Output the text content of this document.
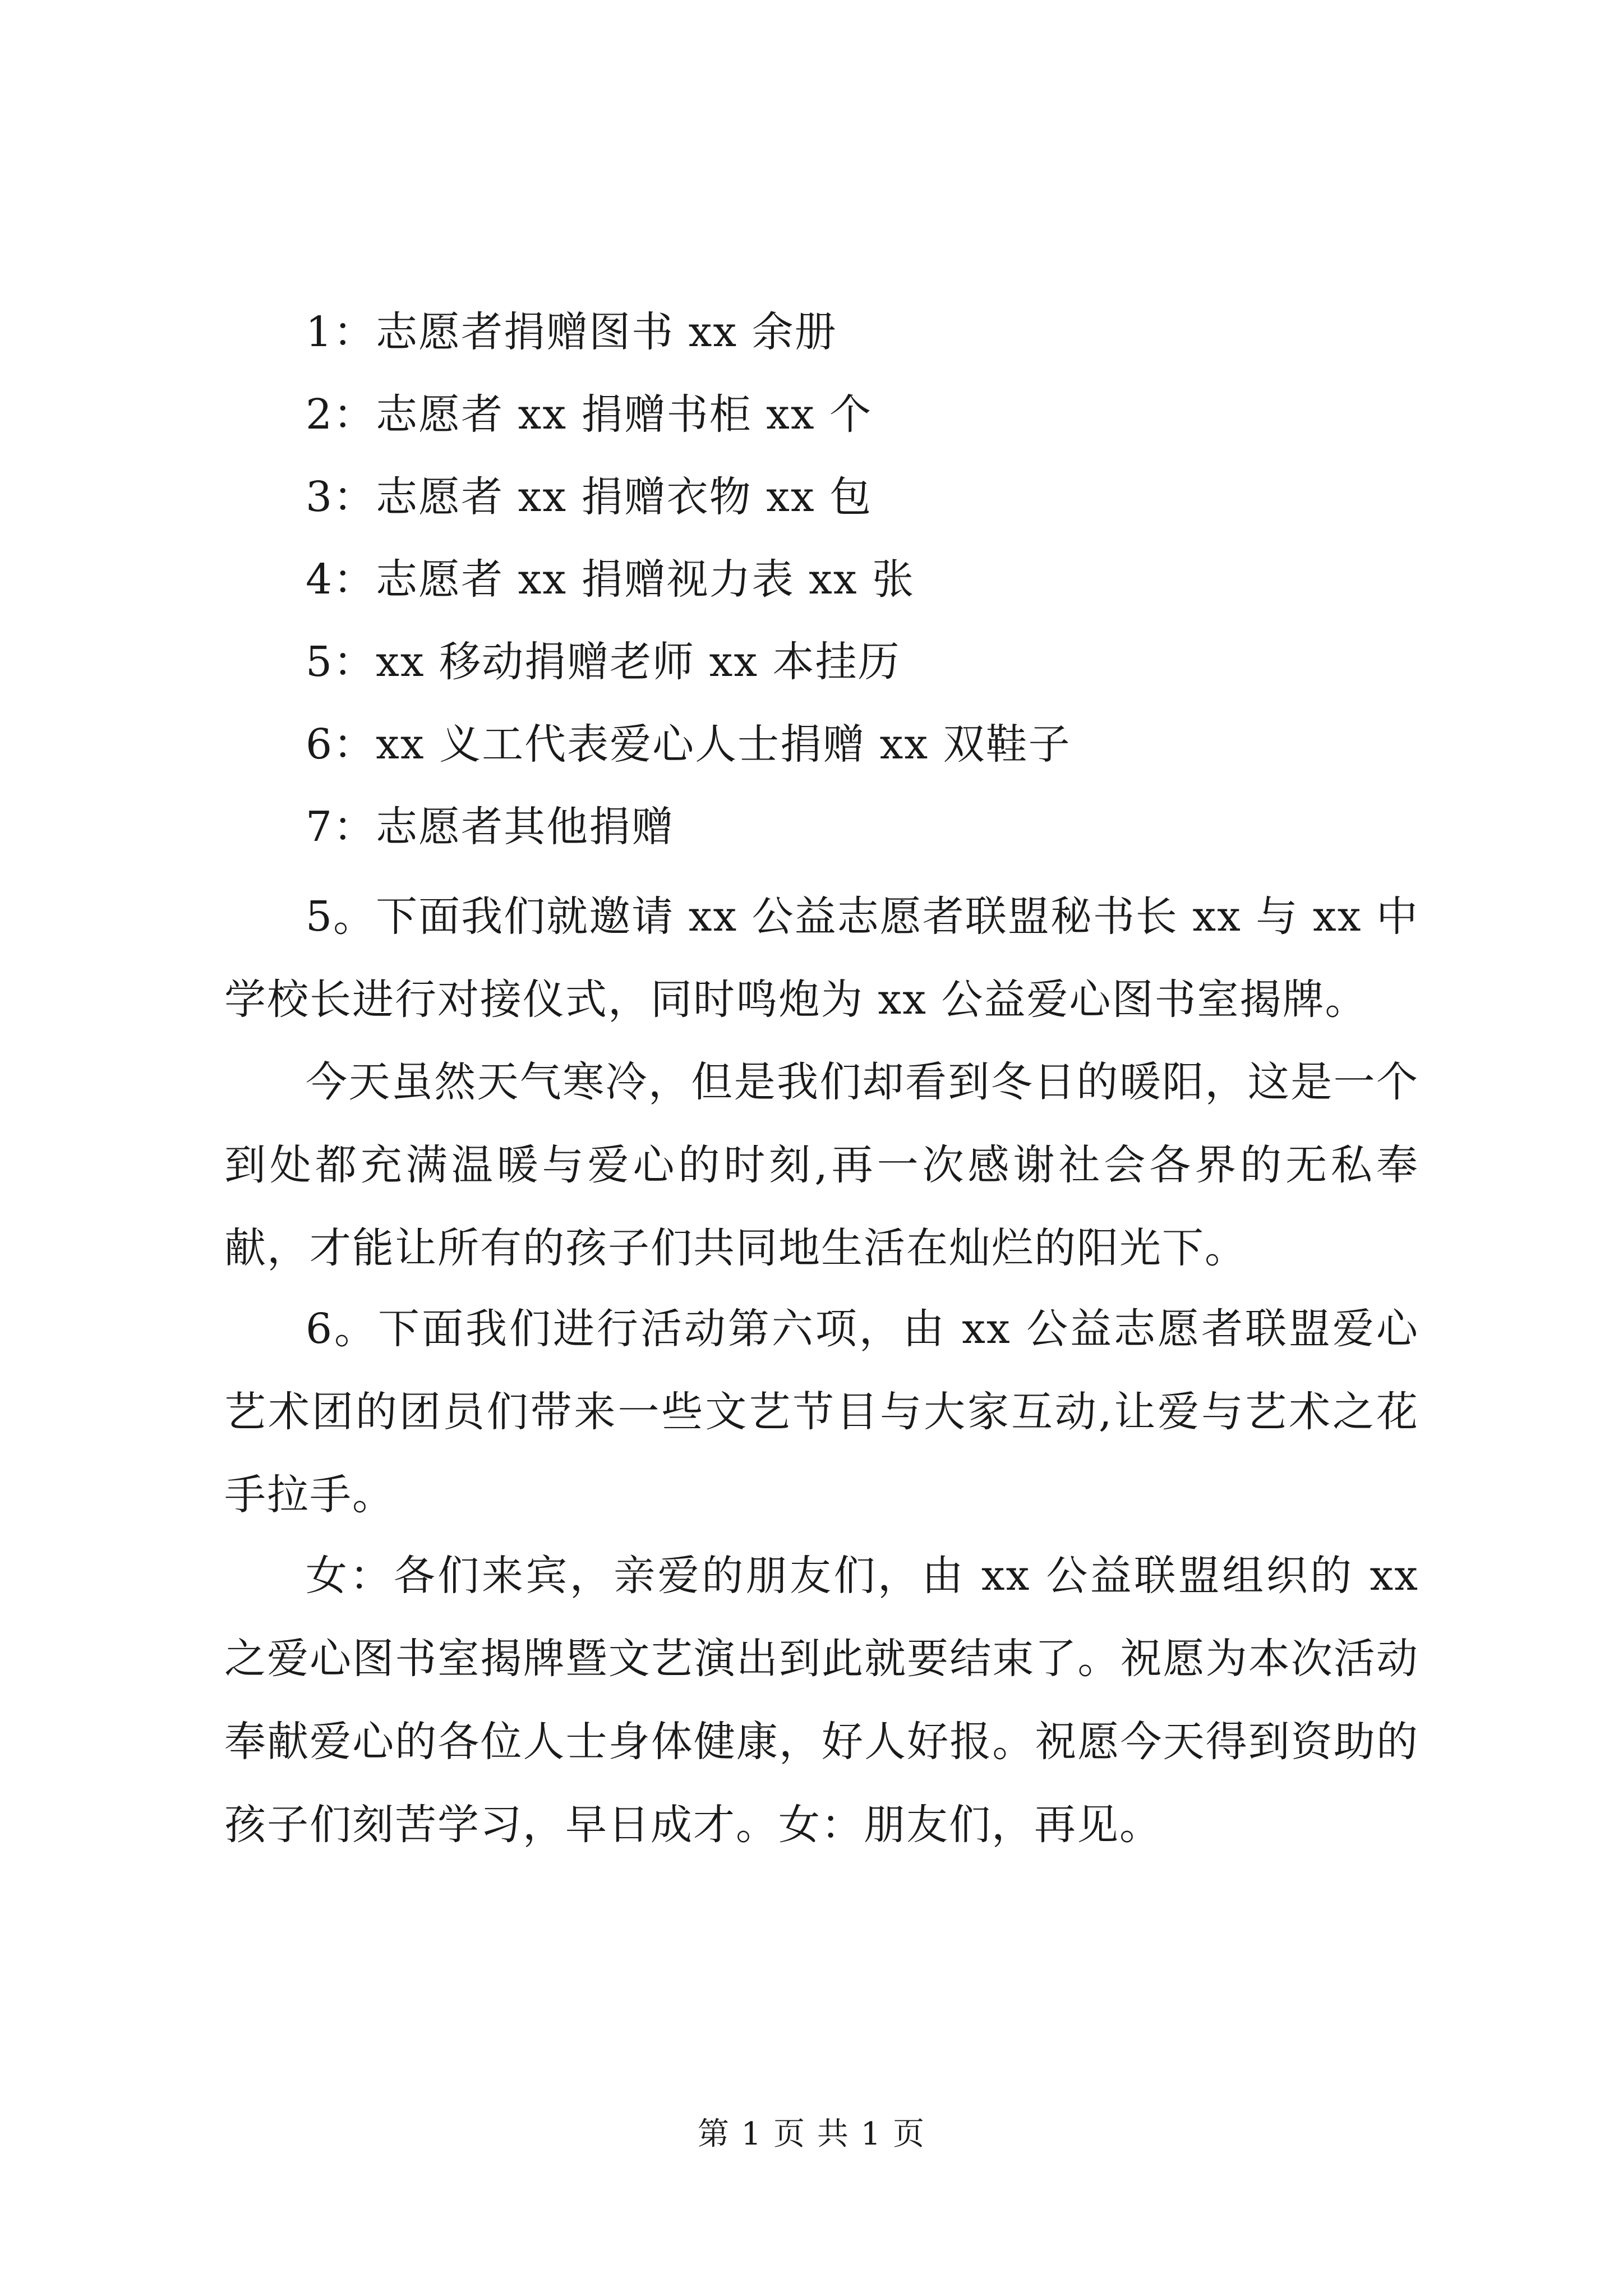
1：志愿者捐赠图书 xx 余册
2：志愿者 xx 捐赠书柜 xx 个
3：志愿者 xx 捐赠衣物 xx 包
4：志愿者 xx 捐赠视力表 xx 张
5：xx 移动捐赠老师 xx 本挂历
6：xx 义工代表爱心人士捐赠 xx 双鞋子
7：志愿者其他捐赠

5。下面我们就邀请 xx 公益志愿者联盟秘书长 xx 与 xx 中学校长进行对接仪式，同时鸣炮为 xx 公益爱心图书室揭牌。

今天虽然天气寒冷，但是我们却看到冬日的暖阳，这是一个到处都充满温暖与爱心的时刻,再一次感谢社会各界的无私奉献，才能让所有的孩子们共同地生活在灿烂的阳光下。

6。下面我们进行活动第六项，由 xx 公益志愿者联盟爱心艺术团的团员们带来一些文艺节目与大家互动,让爱与艺术之花手拉手。

女：各们来宾，亲爱的朋友们，由 xx 公益联盟组织的 xx 之爱心图书室揭牌暨文艺演出到此就要结束了。祝愿为本次活动奉献爱心的各位人士身体健康，好人好报。祝愿今天得到资助的孩子们刻苦学习，早日成才。女：朋友们，再见。

第 1 页 共 1 页
